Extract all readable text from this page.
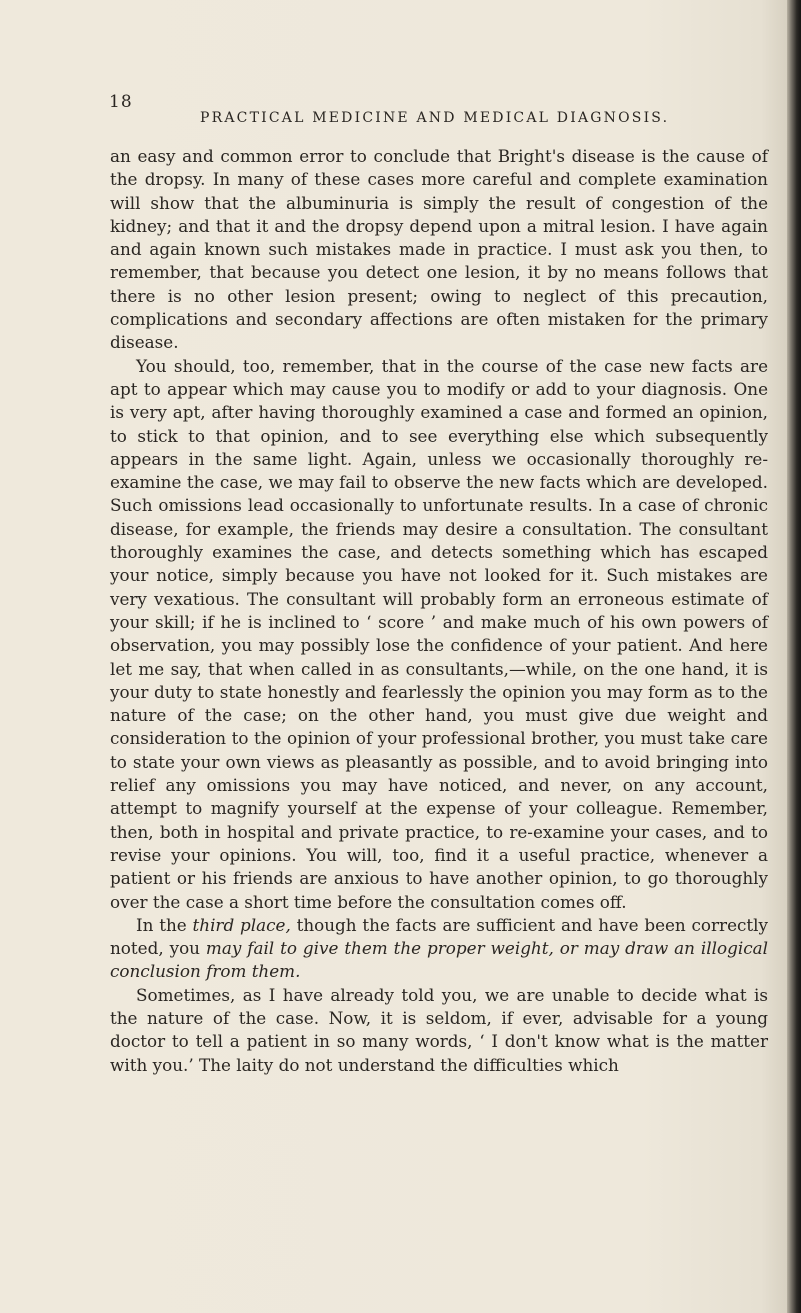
18
PRACTICAL MEDICINE AND MEDICAL DIAGNOSIS.

an easy and common error to conclude that Bright's disease is the cause of the dropsy. In many of these cases more careful and complete examination will show that the albuminuria is simply the result of congestion of the kidney; and that it and the dropsy depend upon a mitral lesion. I have again and again known such mistakes made in practice. I must ask you then, to remember, that because you detect one lesion, it by no means follows that there is no other lesion present; owing to neglect of this precaution, complications and secondary affections are often mistaken for the primary disease.

You should, too, remember, that in the course of the case new facts are apt to appear which may cause you to modify or add to your diagnosis. One is very apt, after having thoroughly examined a case and formed an opinion, to stick to that opinion, and to see everything else which subsequently appears in the same light. Again, unless we occasionally thoroughly re-examine the case, we may fail to observe the new facts which are developed. Such omissions lead occasionally to unfortunate results. In a case of chronic disease, for example, the friends may desire a consultation. The consultant thoroughly examines the case, and detects something which has escaped your notice, simply because you have not looked for it. Such mistakes are very vexatious. The consultant will probably form an erroneous estimate of your skill; if he is inclined to ‘ score ’ and make much of his own powers of observation, you may possibly lose the confidence of your patient. And here let me say, that when called in as consultants,—while, on the one hand, it is your duty to state honestly and fearlessly the opinion you may form as to the nature of the case; on the other hand, you must give due weight and consideration to the opinion of your professional brother, you must take care to state your own views as pleasantly as possible, and to avoid bringing into relief any omissions you may have noticed, and never, on any account, attempt to magnify yourself at the expense of your colleague. Remember, then, both in hospital and private practice, to re-examine your cases, and to revise your opinions. You will, too, find it a useful practice, whenever a patient or his friends are anxious to have another opinion, to go thoroughly over the case a short time before the consultation comes off.

In the third place, though the facts are sufficient and have been correctly noted, you may fail to give them the proper weight, or may draw an illogical conclusion from them.

Sometimes, as I have already told you, we are unable to decide what is the nature of the case. Now, it is seldom, if ever, advisable for a young doctor to tell a patient in so many words, ‘ I don't know what is the matter with you.’ The laity do not understand the difficulties which
